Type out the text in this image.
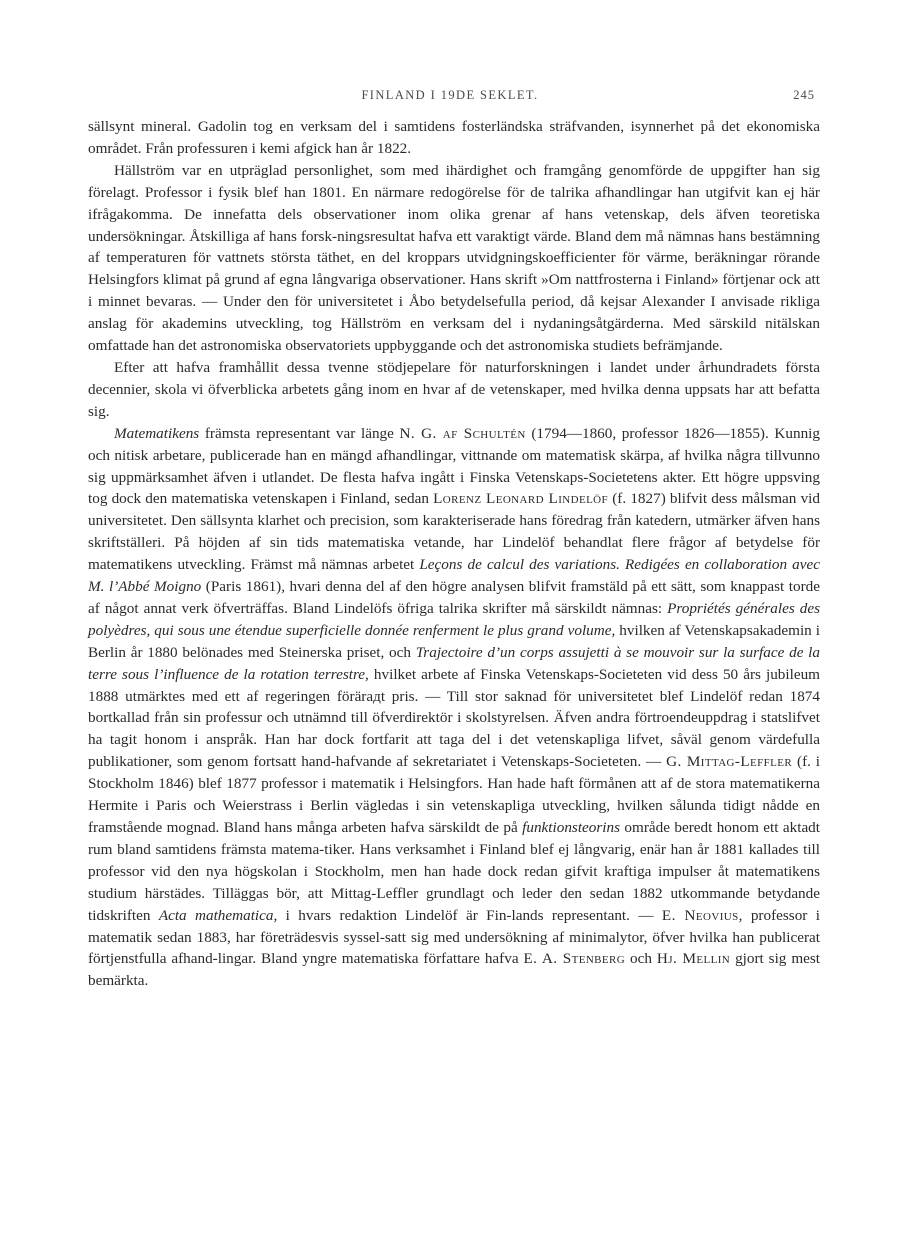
FINLAND I 19DE SEKLET.	245

sällsynt mineral. Gadolin tog en verksam del i samtidens fosterländska sträfvanden, isynnerhet på det ekonomiska området. Från professuren i kemi afgick han år 1822.

Hällström var en utpräglad personlighet, som med ihärdighet och framgång genomförde de uppgifter han sig förelagt. Professor i fysik blef han 1801. En närmare redogörelse för de talrika afhandlingar han utgifvit kan ej här ifrågakomma. De innefatta dels observationer inom olika grenar af hans vetenskap, dels äfven teoretiska undersökningar. Åtskilliga af hans forsk-ningsresultat hafva ett varaktigt värde. Bland dem må nämnas hans bestämning af temperaturen för vattnets största täthet, en del kroppars utvidgningskoefficienter för värme, beräkningar rörande Helsingfors klimat på grund af egna långvariga observationer. Hans skrift »Om nattfrosterna i Finland» förtjenar ock att i minnet bevaras. — Under den för universitetet i Åbo betydelsefulla period, då kejsar Alexander I anvisade rikliga anslag för akademins utveckling, tog Hällström en verksam del i nydaningsåtgärderna. Med särskild nitälskan omfattade han det astronomiska observatoriets uppbyggande och det astronomiska studiets befrämjande.

Efter att hafva framhållit dessa tvenne stödjepelare för naturforskningen i landet under århundradets första decennier, skola vi öfverblicka arbetets gång inom en hvar af de vetenskaper, med hvilka denna uppsats har att befatta sig.

Matematikens främsta representant var länge N. G. af Schultén (1794—1860, professor 1826—1855). Kunnig och nitisk arbetare, publicerade han en mängd afhandlingar, vittnande om matematisk skärpa, af hvilka några tillvunno sig uppmärksamhet äfven i utlandet. De flesta hafva ingått i Finska Vetenskaps-Societetens akter. Ett högre uppsving tog dock den matematiska vetenskapen i Finland, sedan Lorenz Leonard Lindelöf (f. 1827) blifvit dess målsman vid universitetet. Den sällsynta klarhet och precision, som karakteriserade hans föredrag från katedern, utmärker äfven hans skriftställeri. På höjden af sin tids matematiska vetande, har Lindelöf behandlat flere frågor af betydelse för matematikens utveckling. Främst må nämnas arbetet Leçons de calcul des variations. Redigées en collaboration avec M. l’Abbé Moigno (Paris 1861), hvari denna del af den högre analysen blifvit framstäld på ett sätt, som knappast torde af något annat verk öfverträffas. Bland Lindelöfs öfriga talrika skrifter må särskildt nämnas: Propriétés générales des polyèdres, qui sous une étendue superficielle donnée renferment le plus grand volume, hvilken af Vetenskapsakademin i Berlin år 1880 belönades med Steinerska priset, och Trajectoire d’un corps assujetti à se mouvoir sur la surface de la terre sous l’influence de la rotation terrestre, hvilket arbete af Finska Vetenskaps-Societeten vid dess 50 års jubileum 1888 utmärktes med ett af regeringen förärадt pris. — Till stor saknad för universitetet blef Lindelöf redan 1874 bortkallad från sin professur och utnämnd till öfverdirektör i skolstyrelsen. Äfven andra förtroendeuppdrag i statslifvet ha tagit honom i anspråk. Han har dock fortfarit att taga del i det vetenskapliga lifvet, såväl genom värdefulla publikationer, som genom fortsatt hand-hafvande af sekretariatet i Vetenskaps-Societeten. — G. Mittag-Leffler (f. i Stockholm 1846) blef 1877 professor i matematik i Helsingfors. Han hade haft förmånen att af de stora matematikerna Hermite i Paris och Weierstrass i Berlin vägledas i sin vetenskapliga utveckling, hvilken sålunda tidigt nådde en framstående mognad. Bland hans många arbeten hafva särskildt de på funktionsteorins område beredt honom ett aktadt rum bland samtidens främsta matema-tiker. Hans verksamhet i Finland blef ej långvarig, enär han år 1881 kallades till professor vid den nya högskolan i Stockholm, men han hade dock redan gifvit kraftiga impulser åt matematikens studium härstädes. Tilläggas bör, att Mittag-Leffler grundlagt och leder den sedan 1882 utkommande betydande tidskriften Acta mathematica, i hvars redaktion Lindelöf är Fin-lands representant. — E. Neovius, professor i matematik sedan 1883, har företrädesvis syssel-satt sig med undersökning af minimalytor, öfver hvilka han publicerat förtjenstfulla afhand-lingar. Bland yngre matematiska författare hafva E. A. Stenberg och Hj. Mellin gjort sig mest bemärkta.
